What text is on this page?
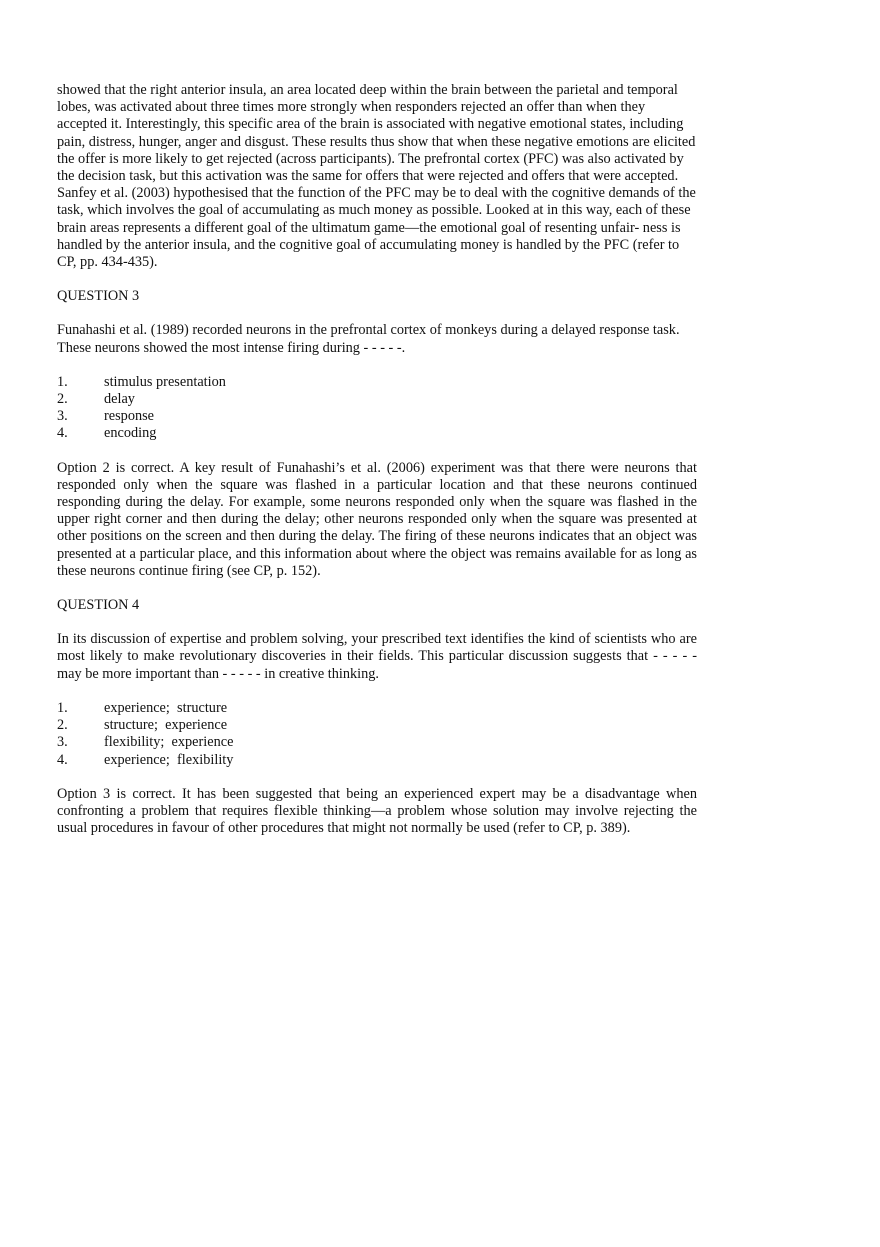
showed that the right anterior insula, an area located deep within the brain between the parietal and temporal lobes, was activated about three times more strongly when responders rejected an offer than when they accepted it. Interestingly, this specific area of the brain is associated with negative emotional states, including pain, distress, hunger, anger and disgust. These results thus show that when these negative emotions are elicited the offer is more likely to get rejected (across participants). The prefrontal cortex (PFC) was also activated by the decision task, but this activation was the same for offers that were rejected and offers that were accepted. Sanfey et al. (2003) hypothesised that the function of the PFC may be to deal with the cognitive demands of the task, which involves the goal of accumulating as much money as possible. Looked at in this way, each of these brain areas represents a different goal of the ultimatum game—the emotional goal of resenting unfair- ness is handled by the anterior insula, and the cognitive goal of accumulating money is handled by the PFC (refer to CP, pp. 434-435).

QUESTION 3

Funahashi et al. (1989) recorded neurons in the prefrontal cortex of monkeys during a delayed response task. These neurons showed the most intense firing during - - - - -.

1.	stimulus presentation
2.	delay
3.	response
4.	encoding

Option 2 is correct. A key result of Funahashi’s et al. (2006) experiment was that there were neurons that responded only when the square was flashed in a particular location and that these neurons continued responding during the delay. For example, some neurons responded only when the square was flashed in the upper right corner and then during the delay; other neurons responded only when the square was presented at other positions on the screen and then during the delay. The firing of these neurons indicates that an object was presented at a particular place, and this information about where the object was remains available for as long as these neurons continue firing (see CP, p. 152).

QUESTION 4

In its discussion of expertise and problem solving, your prescribed text identifies the kind of scientists who are most likely to make revolutionary discoveries in their fields. This particular discussion suggests that - - - - - may be more important than - - - - - in creative thinking.

1.	experience;  structure
2.	structure;  experience
3.	flexibility;  experience
4.	experience;  flexibility

Option 3 is correct. It has been suggested that being an experienced expert may be a disadvantage when confronting a problem that requires flexible thinking—a problem whose solution may involve rejecting the usual procedures in favour of other procedures that might not normally be used (refer to CP, p. 389).
